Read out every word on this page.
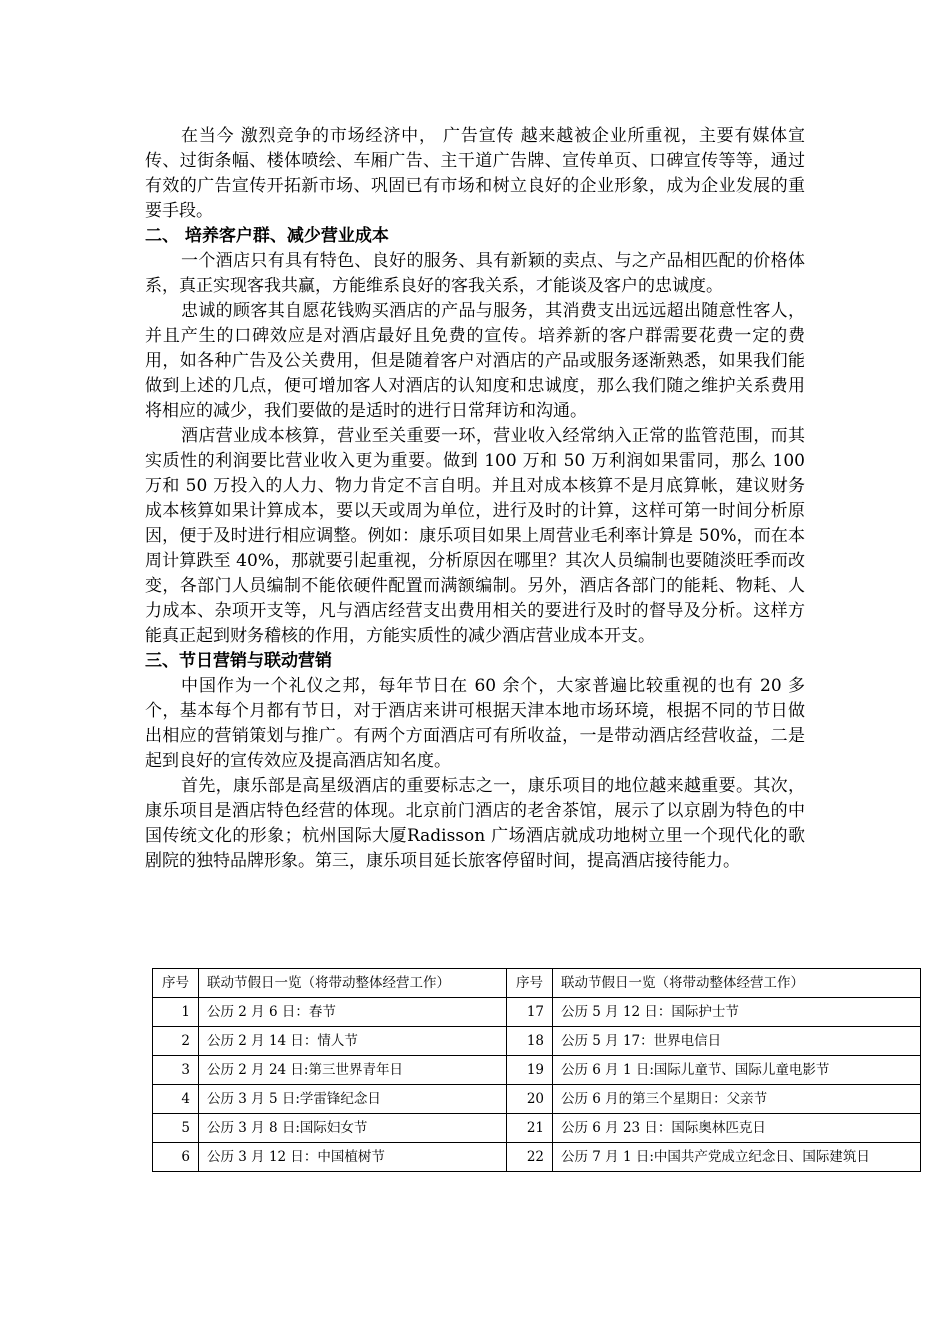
在当今 激烈竞争的市场经济中， 广告宣传 越来越被企业所重视，主要有媒体宣传、过街条幅、楼体喷绘、车厢广告、主干道广告牌、宣传单页、口碑宣传等等，通过有效的广告宣传开拓新市场、巩固已有市场和树立良好的企业形象，成为企业发展的重要手段。

二、 培养客户群、减少营业成本

一个酒店只有具有特色、良好的服务、具有新颖的卖点、与之产品相匹配的价格体系，真正实现客我共赢，方能维系良好的客我关系，才能谈及客户的忠诚度。

忠诚的顾客其自愿花钱购买酒店的产品与服务，其消费支出远远超出随意性客人，并且产生的口碑效应是对酒店最好且免费的宣传。培养新的客户群需要花费一定的费用，如各种广告及公关费用，但是随着客户对酒店的产品或服务逐渐熟悉，如果我们能做到上述的几点，便可增加客人对酒店的认知度和忠诚度，那么我们随之维护关系费用将相应的减少，我们要做的是适时的进行日常拜访和沟通。

酒店营业成本核算，营业至关重要一环，营业收入经常纳入正常的监管范围，而其实质性的利润要比营业收入更为重要。做到 100 万和 50 万利润如果雷同，那么 100 万和 50 万投入的人力、物力肯定不言自明。并且对成本核算不是月底算帐，建议财务成本核算如果计算成本，要以天或周为单位，进行及时的计算，这样可第一时间分析原因，便于及时进行相应调整。例如：康乐项目如果上周营业毛利率计算是 50%，而在本周计算跌至 40%，那就要引起重视，分析原因在哪里？其次人员编制也要随淡旺季而改变，各部门人员编制不能依硬件配置而满额编制。另外，酒店各部门的能耗、物耗、人力成本、杂项开支等，凡与酒店经营支出费用相关的要进行及时的督导及分析。这样方能真正起到财务稽核的作用，方能实质性的减少酒店营业成本开支。

三、节日营销与联动营销

中国作为一个礼仪之邦，每年节日在 60 余个，大家普遍比较重视的也有 20 多个，基本每个月都有节日，对于酒店来讲可根据天津本地市场环境，根据不同的节日做出相应的营销策划与推广。有两个方面酒店可有所收益，一是带动酒店经营收益，二是起到良好的宣传效应及提高酒店知名度。

首先，康乐部是高星级酒店的重要标志之一，康乐项目的地位越来越重要。其次，康乐项目是酒店特色经营的体现。北京前门酒店的老舍茶馆，展示了以京剧为特色的中国传统文化的形象；杭州国际大厦Radisson 广场酒店就成功地树立里一个现代化的歌剧院的独特品牌形象。第三，康乐项目延长旅客停留时间，提高酒店接待能力。

序号	联动节假日一览（将带动整体经营工作）	序号	联动节假日一览（将带动整体经营工作）
1	公历 2 月 6 日：春节	17	公历 5 月 12 日：国际护士节
2	公历 2 月 14 日：情人节	18	公历 5 月 17：世界电信日
3	公历 2 月 24 日:第三世界青年日	19	公历 6 月 1 日:国际儿童节、国际儿童电影节
4	公历 3 月 5 日:学雷锋纪念日	20	公历 6 月的第三个星期日：父亲节
5	公历 3 月 8 日:国际妇女节	21	公历 6 月 23 日：国际奥林匹克日
6	公历 3 月 12 日：中国植树节	22	公历 7 月 1 日:中国共产党成立纪念日、国际建筑日
